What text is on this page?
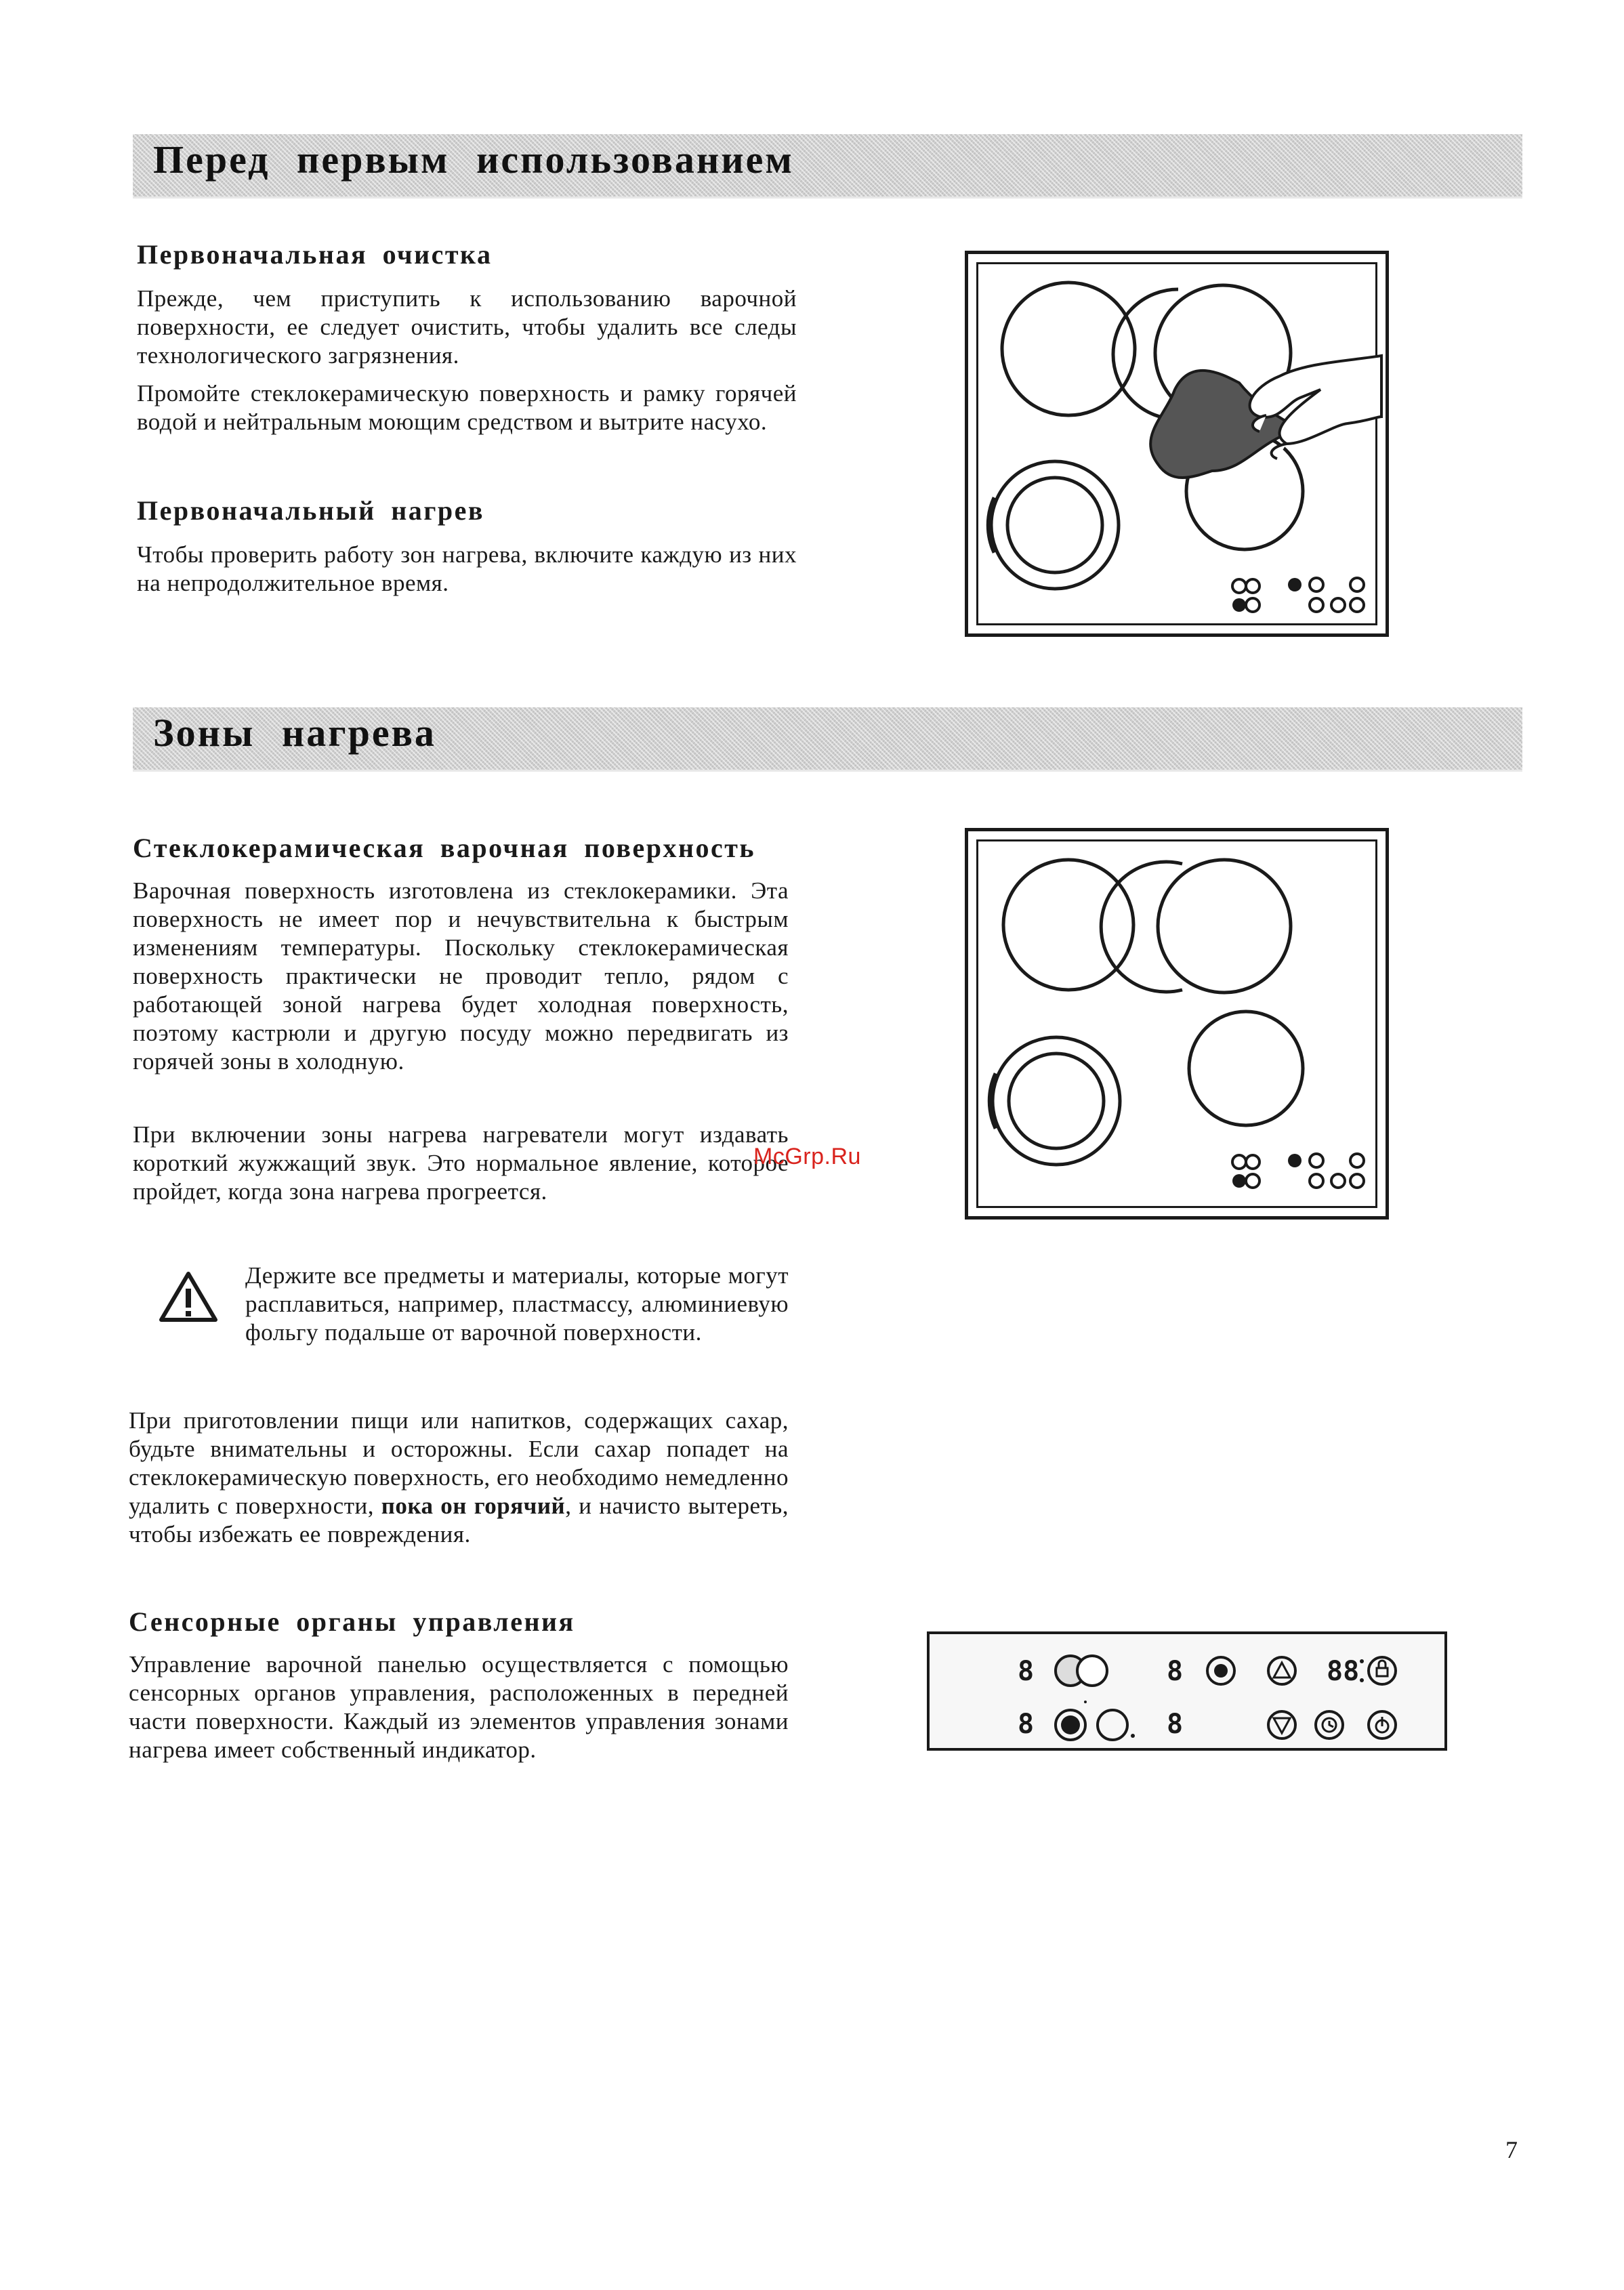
Перед первым использованием
Первоначальная очистка

Прежде, чем приступить к использованию варочной поверхности, ее следует очистить, чтобы удалить все следы технологического загрязнения.

Промойте стеклокерамическую поверхность и рамку горячей водой и нейтральным моющим средством и вытрите насухо.

Первоначальный нагрев

Чтобы проверить работу зон нагрева, включите каждую из них на непродолжительное время.

Зоны нагрева
Стеклокерамическая варочная поверхность

Варочная поверхность изготовлена из стеклокерамики. Эта поверхность не имеет пор и нечувствительна к быстрым изменениям температуры. Поскольку стеклокерамическая поверхность практически не проводит тепло, рядом с работающей зоной нагрева будет холодная поверхность, поэтому кастрюли и другую посуду можно передвигать из горячей зоны в холодную.

При включении зоны нагрева нагреватели могут издавать короткий жужжащий звук. Это нормальное явление, которое пройдет, когда зона нагрева прогреется.

Держите все предметы и материалы, которые могут расплавиться, например, пластмассу, алюминиевую фольгу подальше от варочной поверхности.

При приготовлении пищи или напитков, содержащих сахар, будьте внимательны и осторожны. Если сахар попадет на стеклокерамическую поверхность, его необходимо немедленно удалить с поверхности, пока он горячий, и начисто вытереть, чтобы избежать ее повреждения.

Сенсорные органы управления

Управление варочной панелью осуществляется с помощью сенсорных органов управления, расположенных в передней части поверхности. Каждый из элементов управления зонами нагрева имеет собственный индикатор.

McGrp.Ru
8	8
8	8
88
7
